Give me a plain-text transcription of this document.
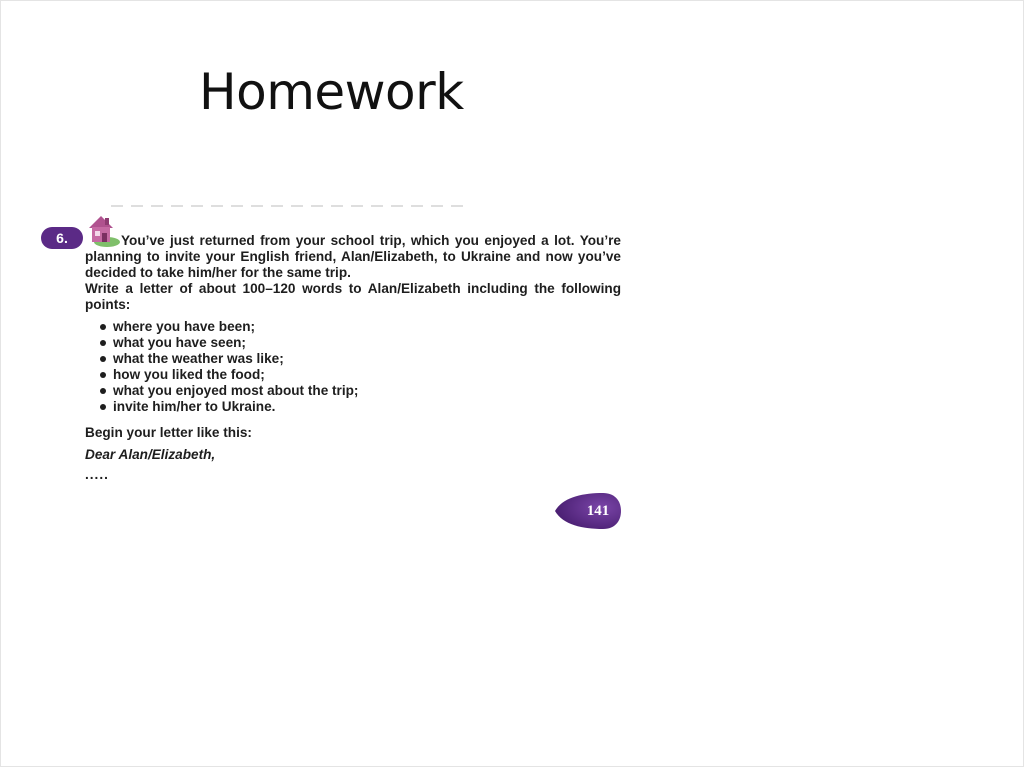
Homework
6.	You’ve just returned from your school trip, which you enjoyed a lot. You’re planning to invite your English friend, Alan/Elizabeth, to Ukraine and now you’ve decided to take him/her for the same trip.

Write a letter of about 100–120 words to Alan/Elizabeth including the following points:

where you have been;
what you have seen;
what the weather was like;
how you liked the food;
what you enjoyed most about the trip;
invite him/her to Ukraine.

Begin your letter like this:

Dear Alan/Elizabeth,

.....

141
